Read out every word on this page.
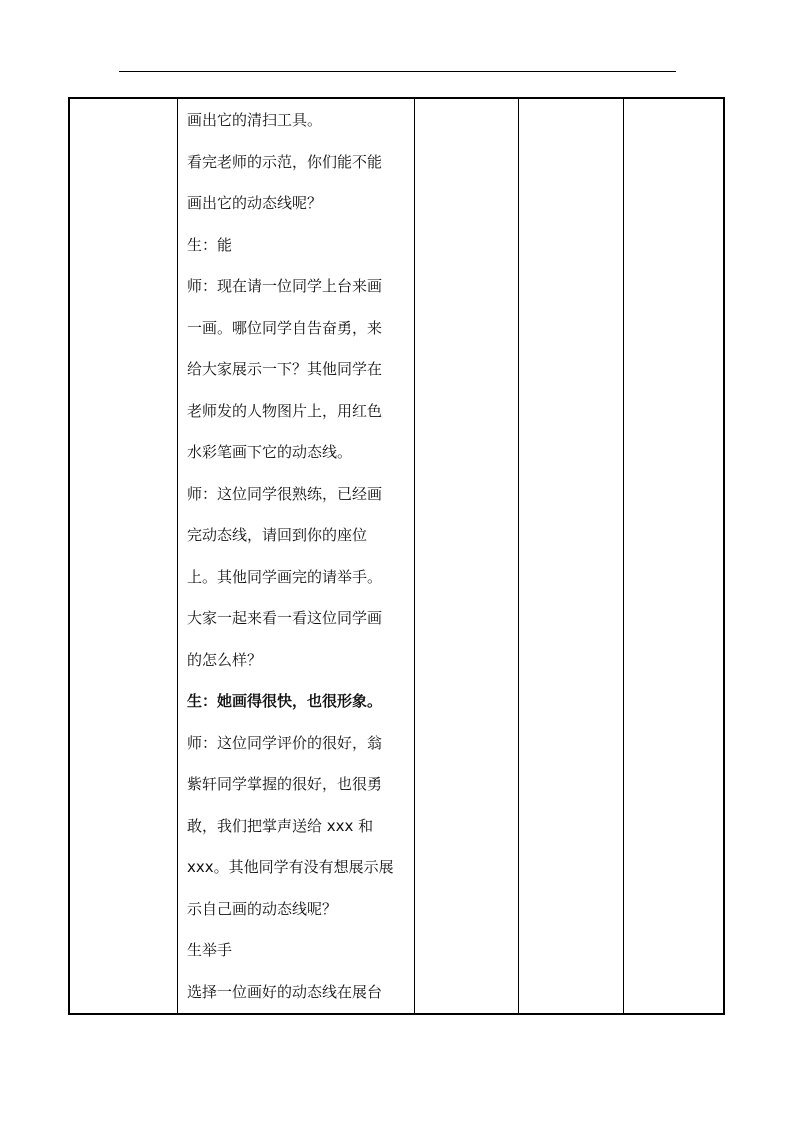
画出它的清扫工具。
看完老师的示范，你们能不能
画出它的动态线呢？
生：能
师：现在请一位同学上台来画
一画。哪位同学自告奋勇，来
给大家展示一下？其他同学在
老师发的人物图片上，用红色
水彩笔画下它的动态线。
师：这位同学很熟练，已经画
完动态线，请回到你的座位
上。其他同学画完的请举手。
大家一起来看一看这位同学画
的怎么样？
生：她画得很快，也很形象。
师：这位同学评价的很好，翁
紫轩同学掌握的很好，也很勇
敢，我们把掌声送给 xxx 和
xxx。其他同学有没有想展示展
示自己画的动态线呢？
生举手
选择一位画好的动态线在展台
